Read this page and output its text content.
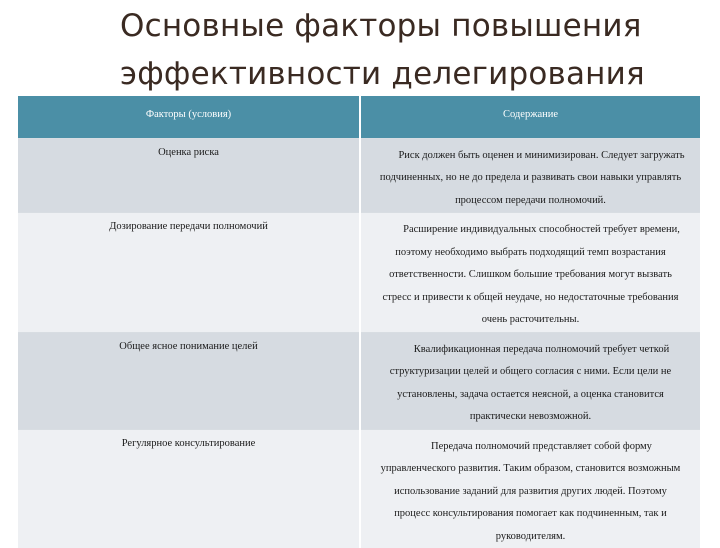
Основные факторы повышения
эффективности делегирования
Факторы (условия)	Содержание
Оценка риска	Риск должен быть оценен и минимизирован. Следует загружать подчиненных, но не до предела и развивать свои навыки управлять процессом передачи полномочий.
Дозирование передачи полномочий	Расширение индивидуальных способностей требует времени, поэтому необходимо выбрать подходящий темп возрастания ответственности. Слишком большие требования могут вызвать стресс и привести к общей неудаче, но недостаточные требования очень расточительны.
Общее ясное понимание целей	Квалификационная передача полномочий требует четкой структуризации целей и общего согласия с ними. Если цели не установлены, задача остается неясной, а оценка становится практически невозможной.
Регулярное консультирование	Передача полномочий представляет собой форму управленческого развития. Таким образом, становится возможным использование заданий для развития других людей. Поэтому процесс консультирования помогает как подчиненным, так и руководителям.
